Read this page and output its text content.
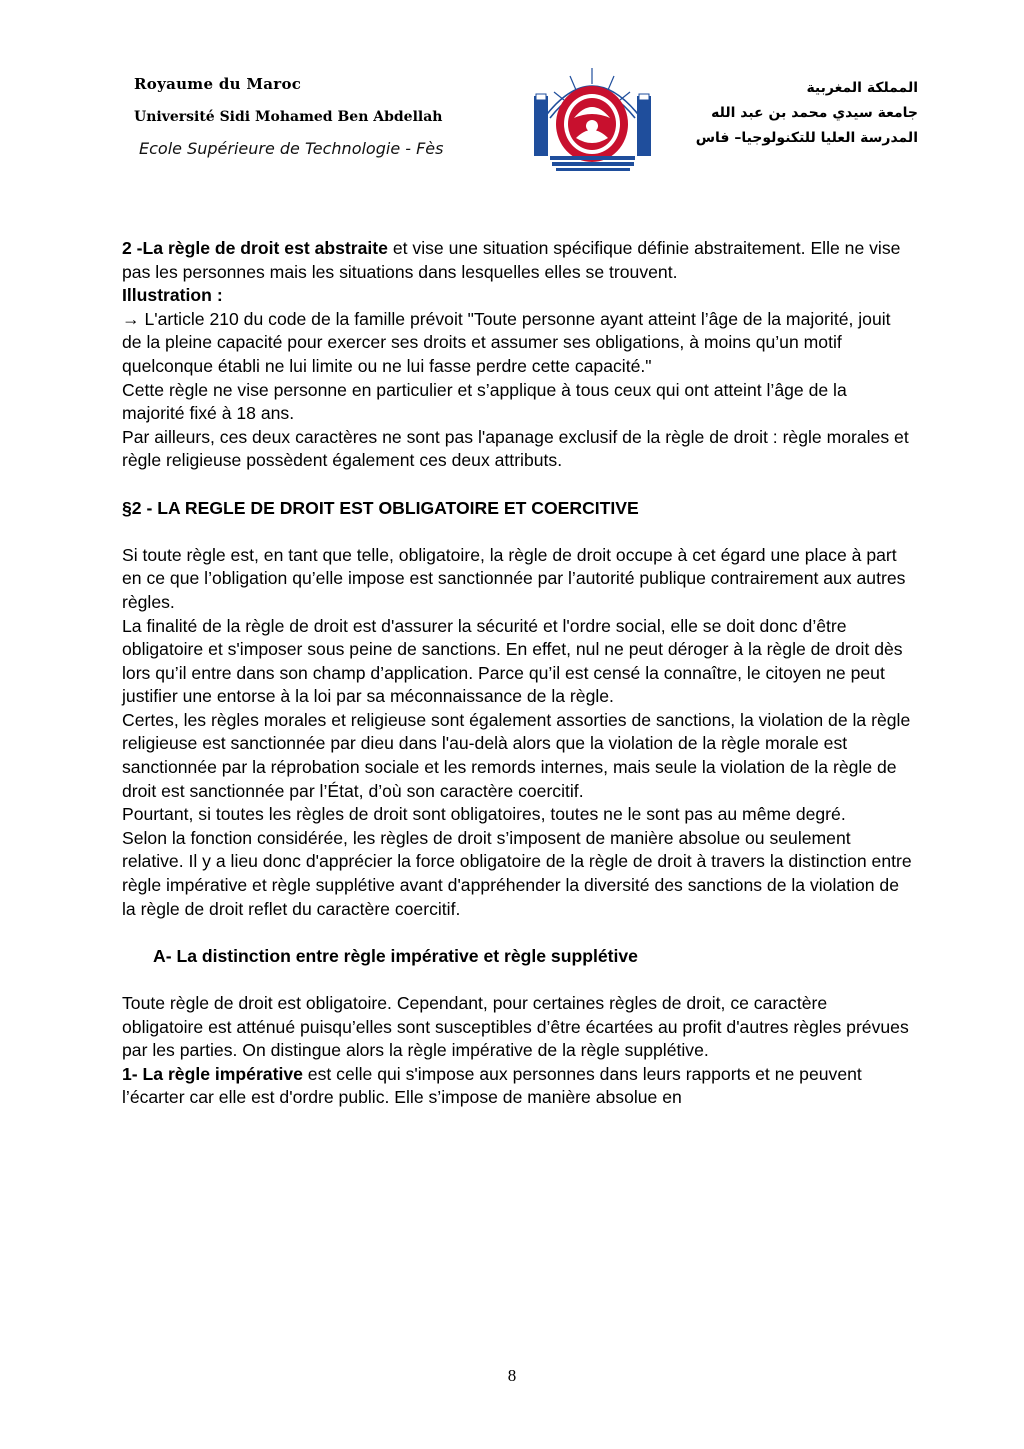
Royaume du Maroc
Université Sidi Mohamed Ben Abdellah
Ecole Supérieure de Technologie - Fès
المملكة المغربية
جامعة سيدي محمد بن عبد الله
المدرسة العليا للتكنولوجيا– فاس

2 -La règle de droit est abstraite et vise une situation spécifique définie abstraitement. Elle ne vise pas les personnes mais les situations dans lesquelles elles se trouvent.

Illustration :

→ L'article 210 du code de la famille prévoit "Toute personne ayant atteint l’âge de la majorité, jouit de la pleine capacité pour exercer ses droits et assumer ses obligations, à moins qu’un motif quelconque établi ne lui limite ou ne lui fasse perdre cette capacité."

Cette règle ne vise personne en particulier et s’applique à tous ceux qui ont atteint l’âge de la majorité fixé à 18 ans.

Par ailleurs, ces deux caractères ne sont pas l'apanage exclusif de la règle de droit : règle morales et règle religieuse possèdent également ces deux attributs.

§2 - LA REGLE DE DROIT EST OBLIGATOIRE ET COERCITIVE

Si toute règle est, en tant que telle, obligatoire, la règle de droit occupe à cet égard une place à part en ce que l’obligation qu’elle impose est sanctionnée par l’autorité publique contrairement aux autres règles.

La finalité de la règle de droit est d'assurer la sécurité et l'ordre social, elle se doit donc d’être obligatoire et s'imposer sous peine de sanctions. En effet, nul ne peut déroger à la règle de droit dès lors qu’il entre dans son champ d’application. Parce qu’il est censé la connaître, le citoyen ne peut justifier une entorse à la loi par sa méconnaissance de la règle.

Certes, les règles morales et religieuse sont également assorties de sanctions, la violation de la règle religieuse est sanctionnée par dieu dans l'au-delà alors que la violation de la règle morale est sanctionnée par la réprobation sociale et les remords internes, mais seule la violation de la règle de droit est sanctionnée par l’État, d’où son caractère coercitif.

Pourtant, si toutes les règles de droit sont obligatoires, toutes ne le sont pas au même degré.

Selon la fonction considérée, les règles de droit s’imposent de manière absolue ou seulement relative. Il y a lieu donc d'apprécier la force obligatoire de la règle de droit à travers la distinction entre règle impérative et règle supplétive avant d'appréhender la diversité des sanctions de la violation de la règle de droit reflet du caractère coercitif.

A- La distinction entre règle impérative et règle supplétive

Toute règle de droit est obligatoire. Cependant, pour certaines règles de droit, ce caractère obligatoire est atténué puisqu’elles sont susceptibles d’être écartées au profit d'autres règles prévues par les parties. On distingue alors la règle impérative de la règle supplétive.

1- La règle impérative est celle qui s'impose aux personnes dans leurs rapports et ne peuvent l’écarter car elle est d'ordre public. Elle s’impose de manière absolue en

8
